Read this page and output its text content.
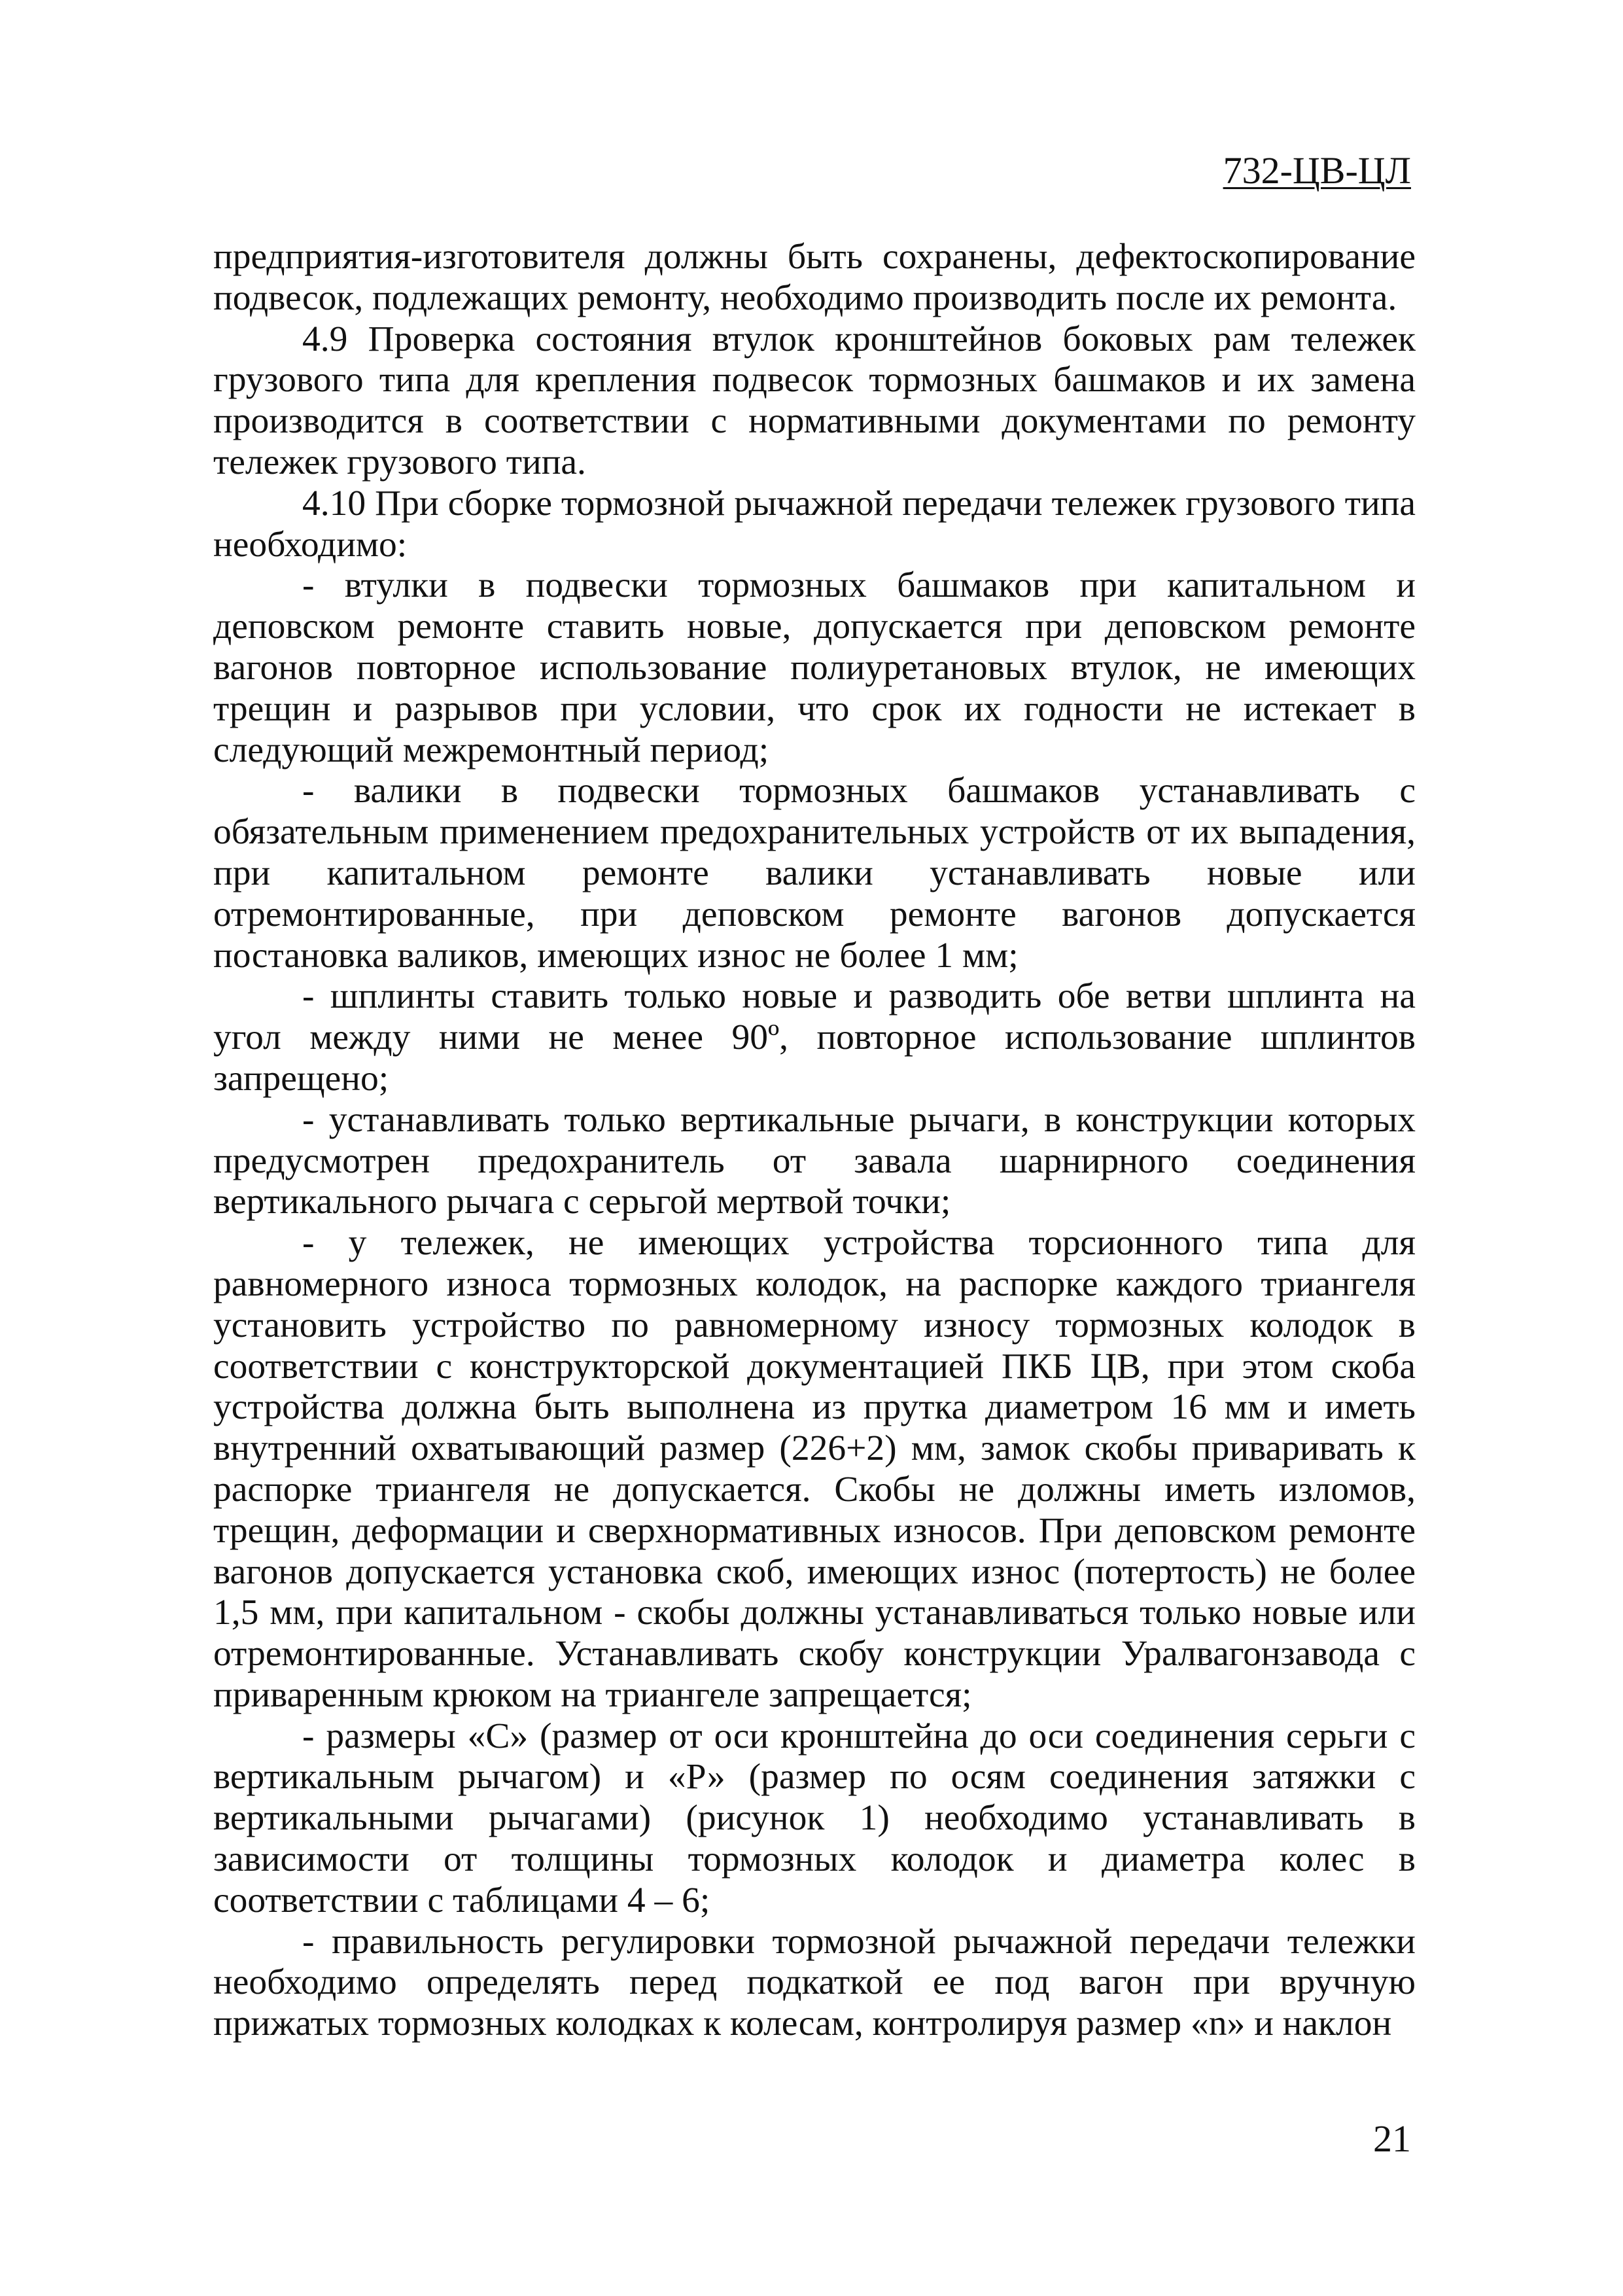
732-ЦВ-ЦЛ

предприятия-изготовителя должны быть сохранены, дефектоскопирование подвесок, подлежащих ремонту, необходимо производить после их ремонта.

4.9 Проверка состояния втулок кронштейнов боковых рам тележек грузового типа для крепления подвесок тормозных башмаков и их замена производится в соответствии с нормативными документами по ремонту тележек грузового типа.

4.10 При сборке тормозной рычажной передачи тележек грузового типа необходимо:

- втулки в подвески тормозных башмаков при капитальном и деповском ремонте ставить новые, допускается при деповском ремонте вагонов повторное использование полиуретановых втулок, не имеющих трещин и разрывов при условии, что срок их годности не истекает в следующий межремонтный период;

- валики в подвески тормозных башмаков устанавливать с обязательным применением предохранительных устройств от их выпадения, при капитальном ремонте валики устанавливать новые или отремонтированные, при деповском ремонте вагонов допускается постановка валиков, имеющих износ не более 1 мм;

- шплинты ставить только новые и разводить обе ветви шплинта на угол между ними не менее 90º, повторное использование шплинтов запрещено;

- устанавливать только вертикальные рычаги, в конструкции которых предусмотрен предохранитель от завала шарнирного соединения вертикального рычага с серьгой мертвой точки;

- у тележек, не имеющих устройства торсионного типа для равномерного износа тормозных колодок, на распорке каждого триангеля установить устройство по равномерному износу тормозных колодок в соответствии с конструкторской документацией ПКБ ЦВ, при этом скоба устройства должна быть выполнена из прутка диаметром 16 мм и иметь внутренний охватывающий размер (226+2) мм, замок скобы приваривать к распорке триангеля не допускается. Скобы не должны иметь изломов, трещин, деформации и сверхнормативных износов. При деповском ремонте вагонов допускается установка скоб, имеющих износ (потертость) не более 1,5 мм, при капитальном - скобы должны устанавливаться только новые или отремонтированные. Устанавливать скобу конструкции Уралвагонзавода с приваренным крюком на триангеле запрещается;

- размеры «С» (размер от оси кронштейна до оси соединения серьги с вертикальным рычагом) и «Р» (размер по осям соединения затяжки с вертикальными рычагами) (рисунок 1) необходимо устанавливать в зависимости от толщины тормозных колодок и диаметра колес в соответствии с таблицами 4 – 6;

- правильность регулировки тормозной рычажной передачи тележки необходимо определять перед подкаткой ее под вагон при вручную прижатых тормозных колодках к колесам, контролируя размер «n» и наклон

21
